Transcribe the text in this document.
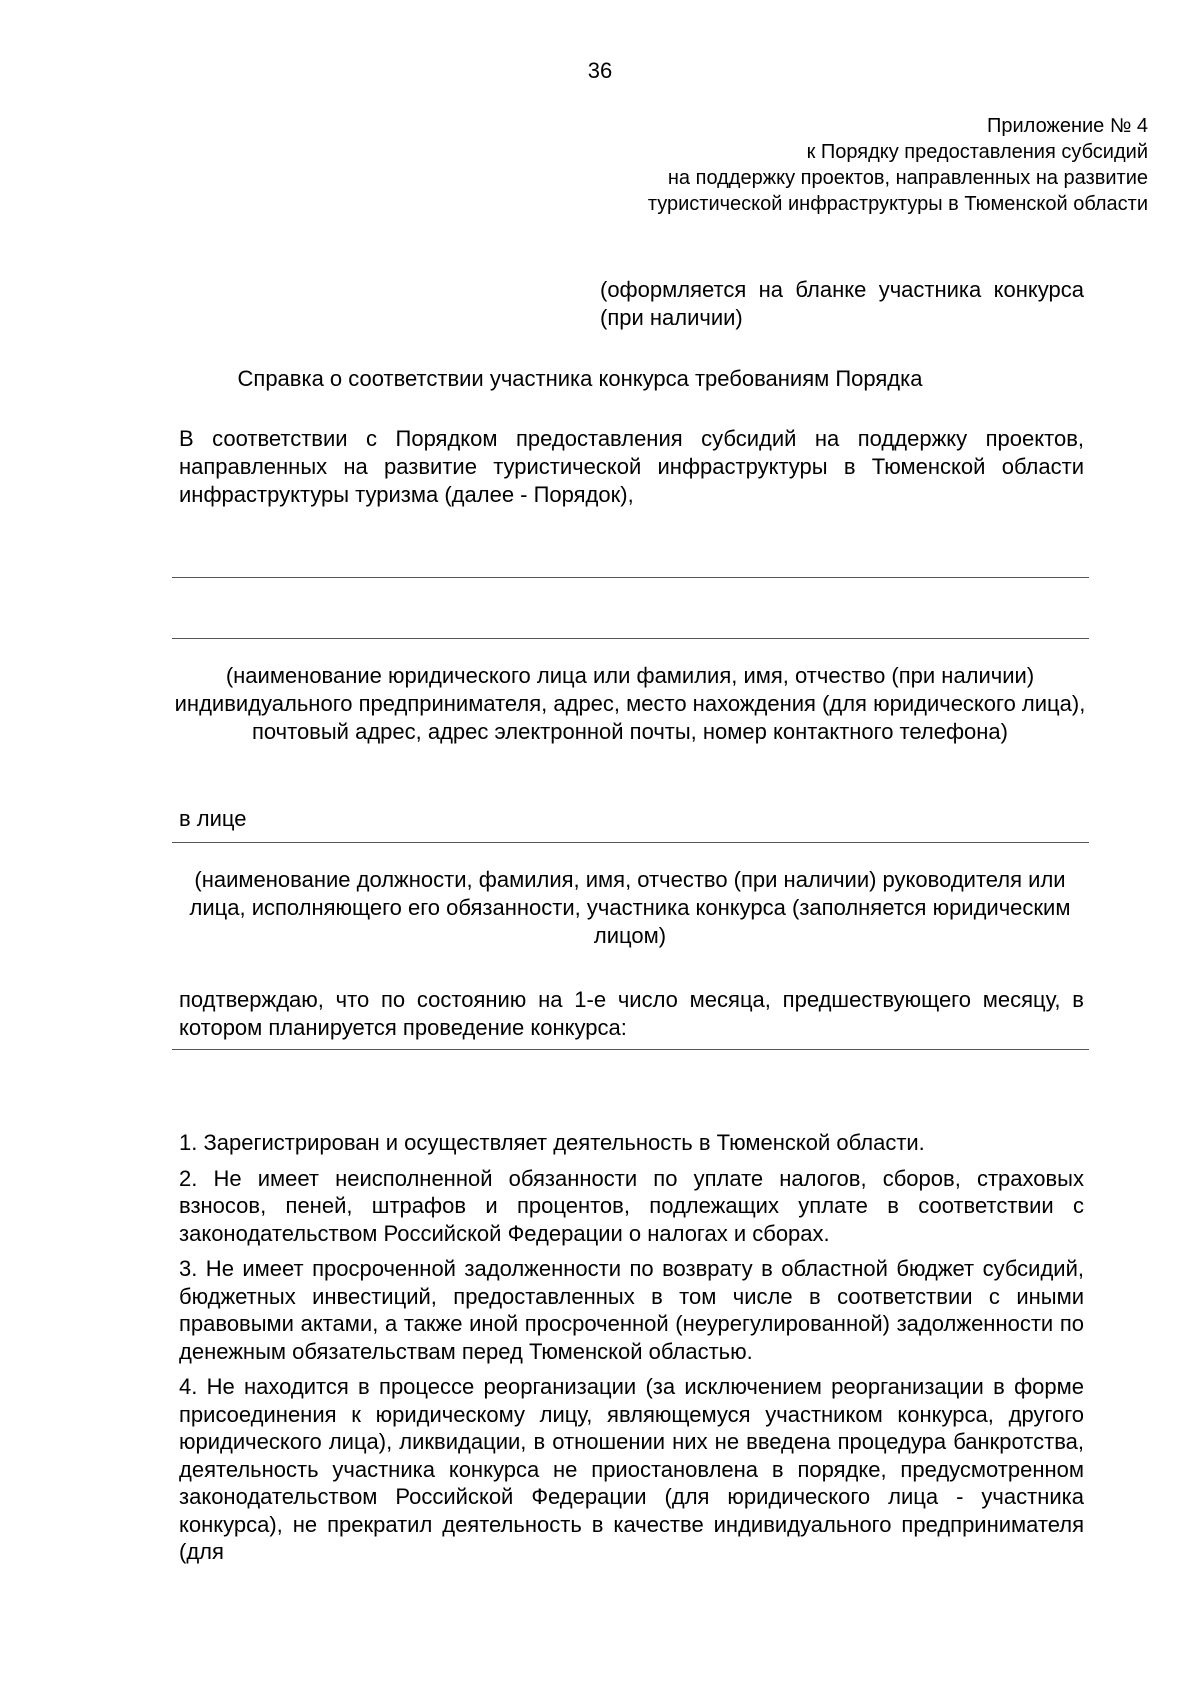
36
Приложение № 4
к Порядку предоставления субсидий
на поддержку проектов, направленных на развитие
туристической инфраструктуры в Тюменской области

(оформляется на бланке участника конкурса (при наличии)

Справка о соответствии участника конкурса требованиям Порядка

В соответствии с Порядком предоставления субсидий на поддержку проектов, направленных на развитие туристической инфраструктуры в Тюменской области инфраструктуры туризма (далее - Порядок),

(наименование юридического лица или фамилия, имя, отчество (при наличии) индивидуального предпринимателя, адрес, место нахождения (для юридического лица), почтовый адрес, адрес электронной почты, номер контактного телефона)

в лице

(наименование должности, фамилия, имя, отчество (при наличии) руководителя или лица, исполняющего его обязанности, участника конкурса (заполняется юридическим лицом)

подтверждаю, что по состоянию на 1-е число месяца, предшествующего месяцу, в котором планируется проведение конкурса:

1. Зарегистрирован и осуществляет деятельность в Тюменской области.

2. Не имеет неисполненной обязанности по уплате налогов, сборов, страховых взносов, пеней, штрафов и процентов, подлежащих уплате в соответствии с законодательством Российской Федерации о налогах и сборах.

3. Не имеет просроченной задолженности по возврату в областной бюджет субсидий, бюджетных инвестиций, предоставленных в том числе в соответствии с иными правовыми актами, а также иной просроченной (неурегулированной) задолженности по денежным обязательствам перед Тюменской областью.

4. Не находится в процессе реорганизации (за исключением реорганизации в форме присоединения к юридическому лицу, являющемуся участником конкурса, другого юридического лица), ликвидации, в отношении них не введена процедура банкротства, деятельность участника конкурса не приостановлена в порядке, предусмотренном законодательством Российской Федерации (для юридического лица - участника конкурса), не прекратил деятельность в качестве индивидуального предпринимателя (для
